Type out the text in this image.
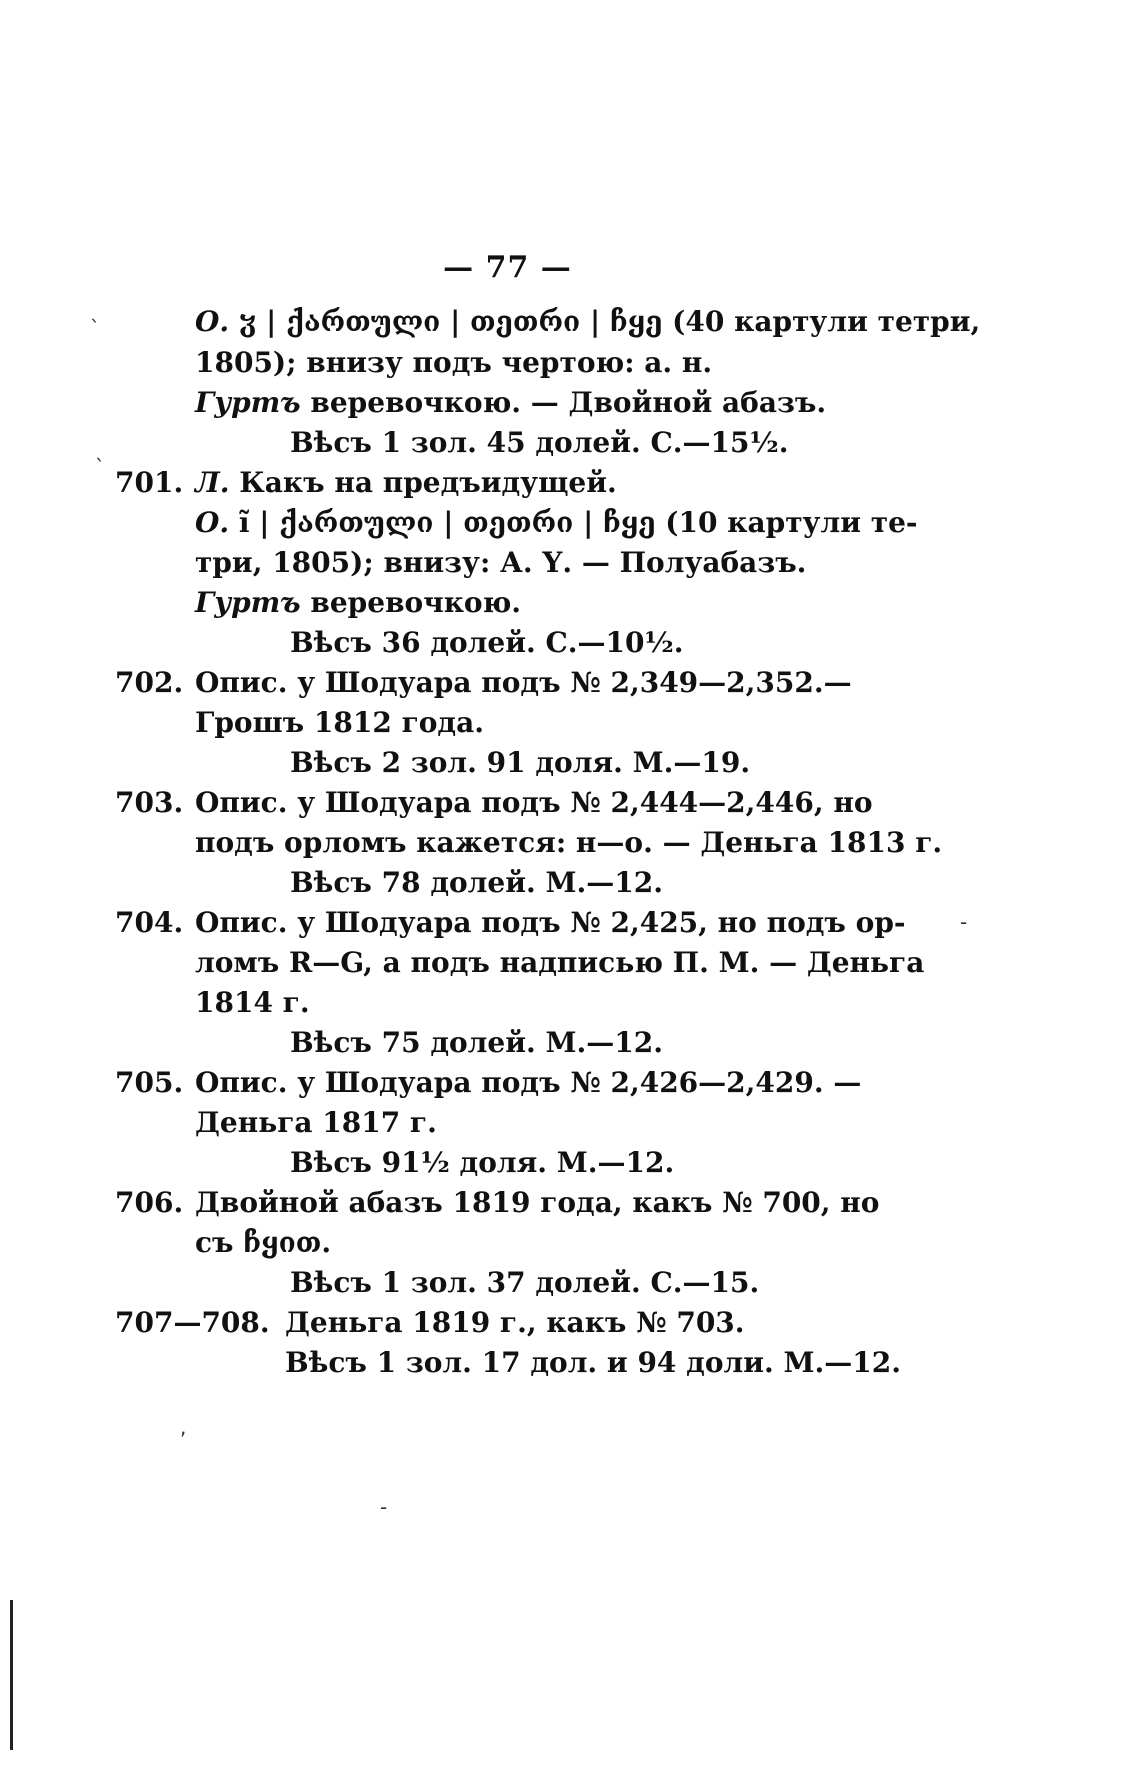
— 77 —
О. ჳ | ქართული | თეთრი | ჩყე (40 картули тетри,
1805); внизу подъ чертою: а. н.
Гуртъ веревочкою. — Двойной абазъ.
Вѣсъ 1 зол. 45 долей. С.—15½.
701. Л. Какъ на предъидущей.
О. ĩ | ქართული | თეთრი | ჩყე (10 картули те-
три, 1805); внизу: А. Ү. — Полуабазъ.
Гуртъ веревочкою.
Вѣсъ 36 долей. С.—10½.
702. Опис. у Шодуара подъ № 2,349—2,352.—
Грошъ 1812 года.
Вѣсъ 2 зол. 91 доля. М.—19.
703. Опис. у Шодуара подъ № 2,444—2,446, но
подъ орломъ кажется: н—о. — Деньга 1813 г.
Вѣсъ 78 долей. М.—12.
704. Опис. у Шодуара подъ № 2,425, но подъ ор-
ломъ R—G, а подъ надписью П. М. — Деньга
1814 г.
Вѣсъ 75 долей. М.—12.
705. Опис. у Шодуара подъ № 2,426—2,429. —
Деньга 1817 г.
Вѣсъ 91½ доля. М.—12.
706. Двойной абазъ 1819 года, какъ № 700, но
съ ჩყით.
Вѣсъ 1 зол. 37 долей. С.—15.
707—708. Деньга 1819 г., какъ № 703.
Вѣсъ 1 зол. 17 дол. и 94 доли. М.—12.
`
`
-
,
-
